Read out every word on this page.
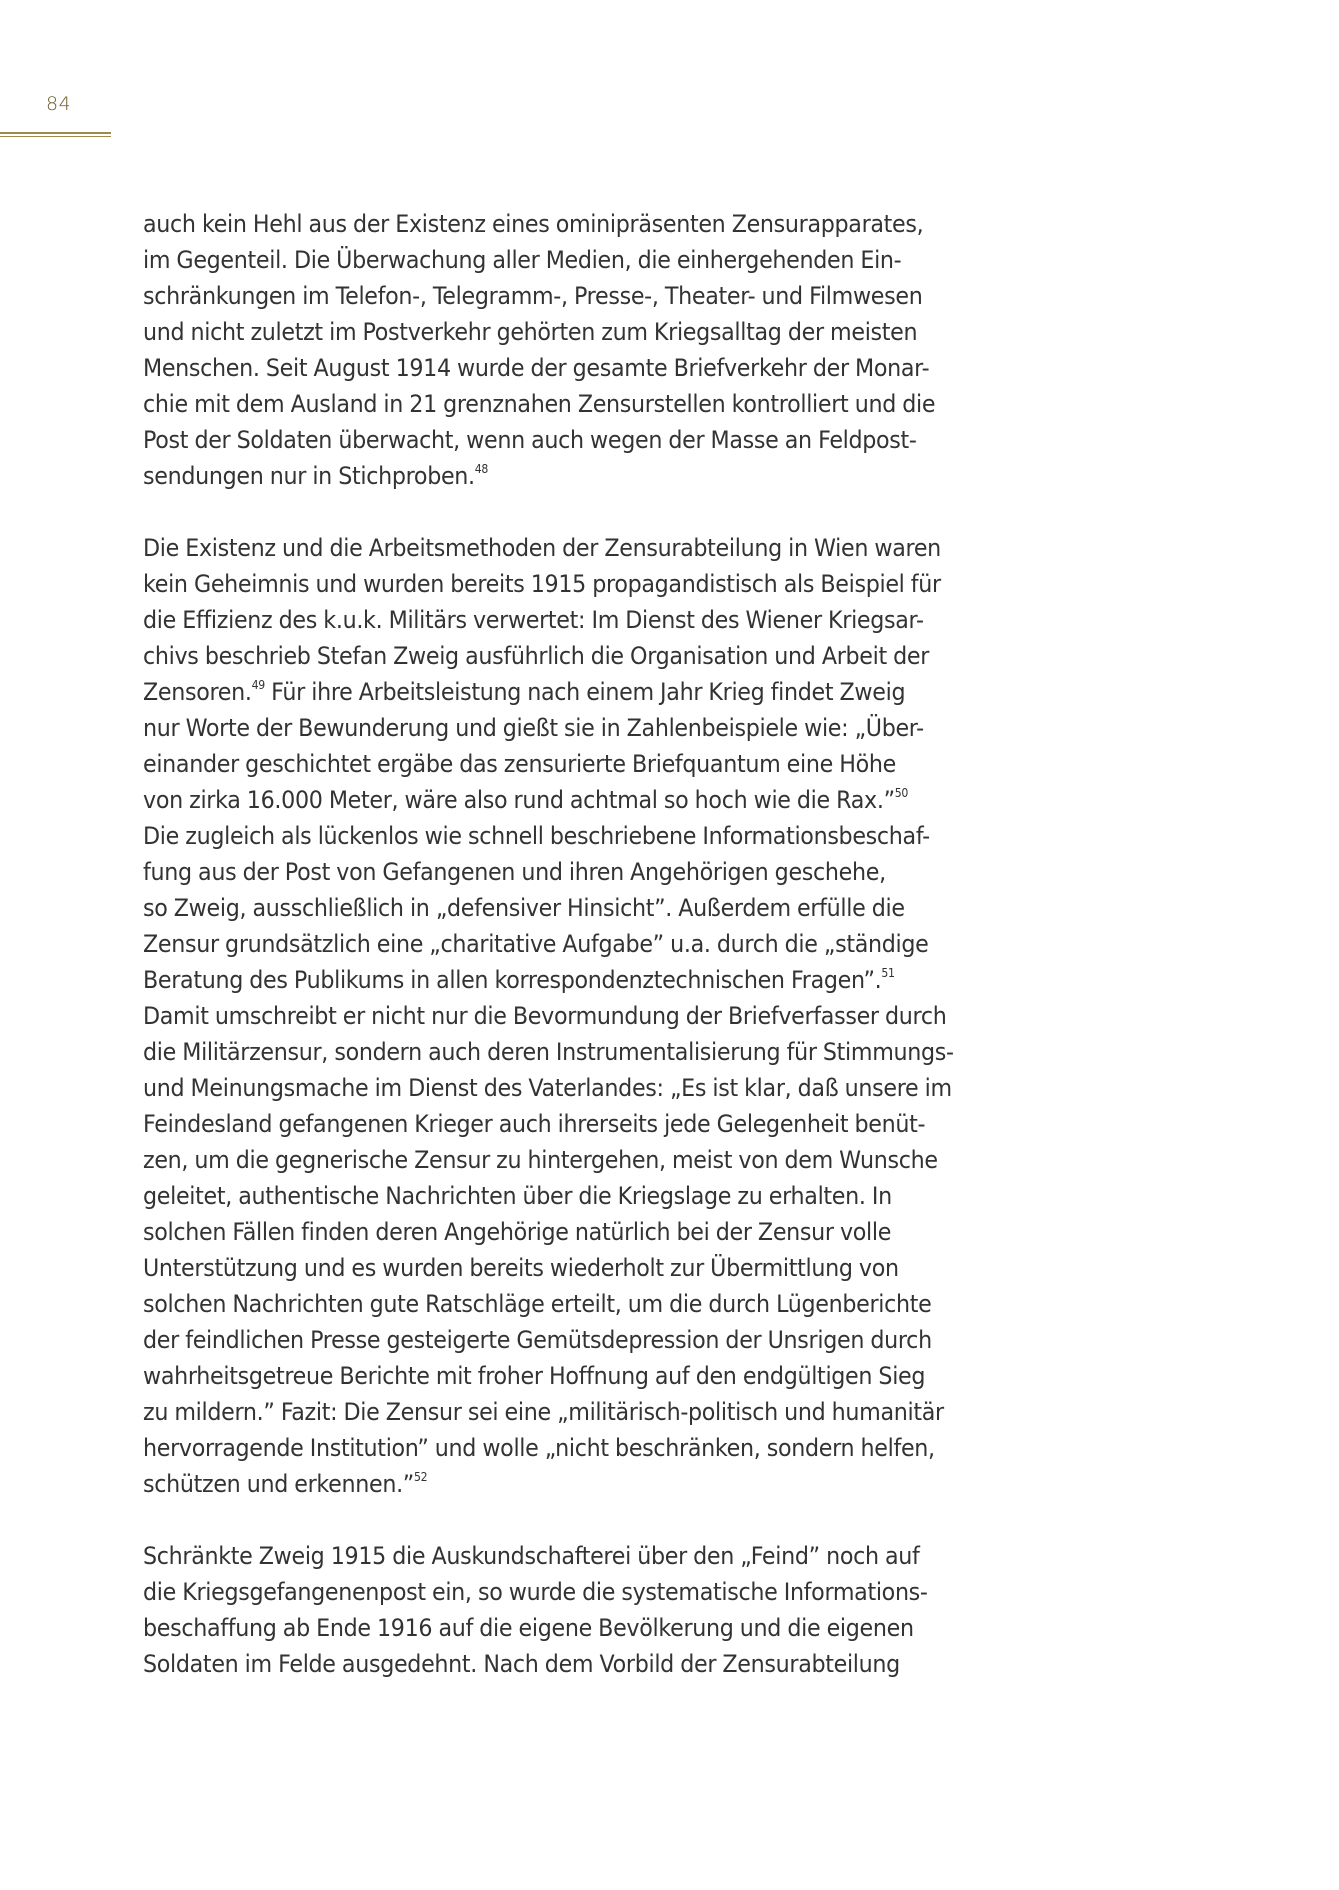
84
auch kein Hehl aus der Existenz eines ominipräsenten Zensurapparates,
im Gegenteil. Die Überwachung aller Medien, die einhergehenden Ein-
schränkungen im Telefon-, Telegramm-, Presse-, Theater- und Filmwesen
und nicht zuletzt im Postverkehr gehörten zum Kriegsalltag der meisten
Menschen. Seit August 1914 wurde der gesamte Briefverkehr der Monar-
chie mit dem Ausland in 21 grenznahen Zensurstellen kontrolliert und die
Post der Soldaten überwacht, wenn auch wegen der Masse an Feldpost-
sendungen nur in Stichproben.$^{48}$
Die Existenz und die Arbeitsmethoden der Zensurabteilung in Wien waren
kein Geheimnis und wurden bereits 1915 propagandistisch als Beispiel für
die Effizienz des k.u.k. Militärs verwertet: Im Dienst des Wiener Kriegsar-
chivs beschrieb Stefan Zweig ausführlich die Organisation und Arbeit der
Zensoren.$^{49}$ Für ihre Arbeitsleistung nach einem Jahr Krieg findet Zweig
nur Worte der Bewunderung und gießt sie in Zahlenbeispiele wie: „Über-
einander geschichtet ergäbe das zensurierte Briefquantum eine Höhe
von zirka 16.000 Meter, wäre also rund achtmal so hoch wie die Rax.”$^{50}$
Die zugleich als lückenlos wie schnell beschriebene Informationsbeschaf-
fung aus der Post von Gefangenen und ihren Angehörigen geschehe,
so Zweig, ausschließlich in „defensiver Hinsicht”. Außerdem erfülle die
Zensur grundsätzlich eine „charitative Aufgabe” u.a. durch die „ständige
Beratung des Publikums in allen korrespondenztechnischen Fragen”.$^{51}$
Damit umschreibt er nicht nur die Bevormundung der Briefverfasser durch
die Militärzensur, sondern auch deren Instrumentalisierung für Stimmungs-
und Meinungsmache im Dienst des Vaterlandes: „Es ist klar, daß unsere im
Feindesland gefangenen Krieger auch ihrerseits jede Gelegenheit benüt-
zen, um die gegnerische Zensur zu hintergehen, meist von dem Wunsche
geleitet, authentische Nachrichten über die Kriegslage zu erhalten. In
solchen Fällen finden deren Angehörige natürlich bei der Zensur volle
Unterstützung und es wurden bereits wiederholt zur Übermittlung von
solchen Nachrichten gute Ratschläge erteilt, um die durch Lügenberichte
der feindlichen Presse gesteigerte Gemütsdepression der Unsrigen durch
wahrheitsgetreue Berichte mit froher Hoffnung auf den endgültigen Sieg
zu mildern.” Fazit: Die Zensur sei eine „militärisch-politisch und humanitär
hervorragende Institution” und wolle „nicht beschränken, sondern helfen,
schützen und erkennen.”$^{52}$
Schränkte Zweig 1915 die Auskundschafterei über den „Feind” noch auf
die Kriegsgefangenenpost ein, so wurde die systematische Informations-
beschaffung ab Ende 1916 auf die eigene Bevölkerung und die eigenen
Soldaten im Felde ausgedehnt. Nach dem Vorbild der Zensurabteilung
